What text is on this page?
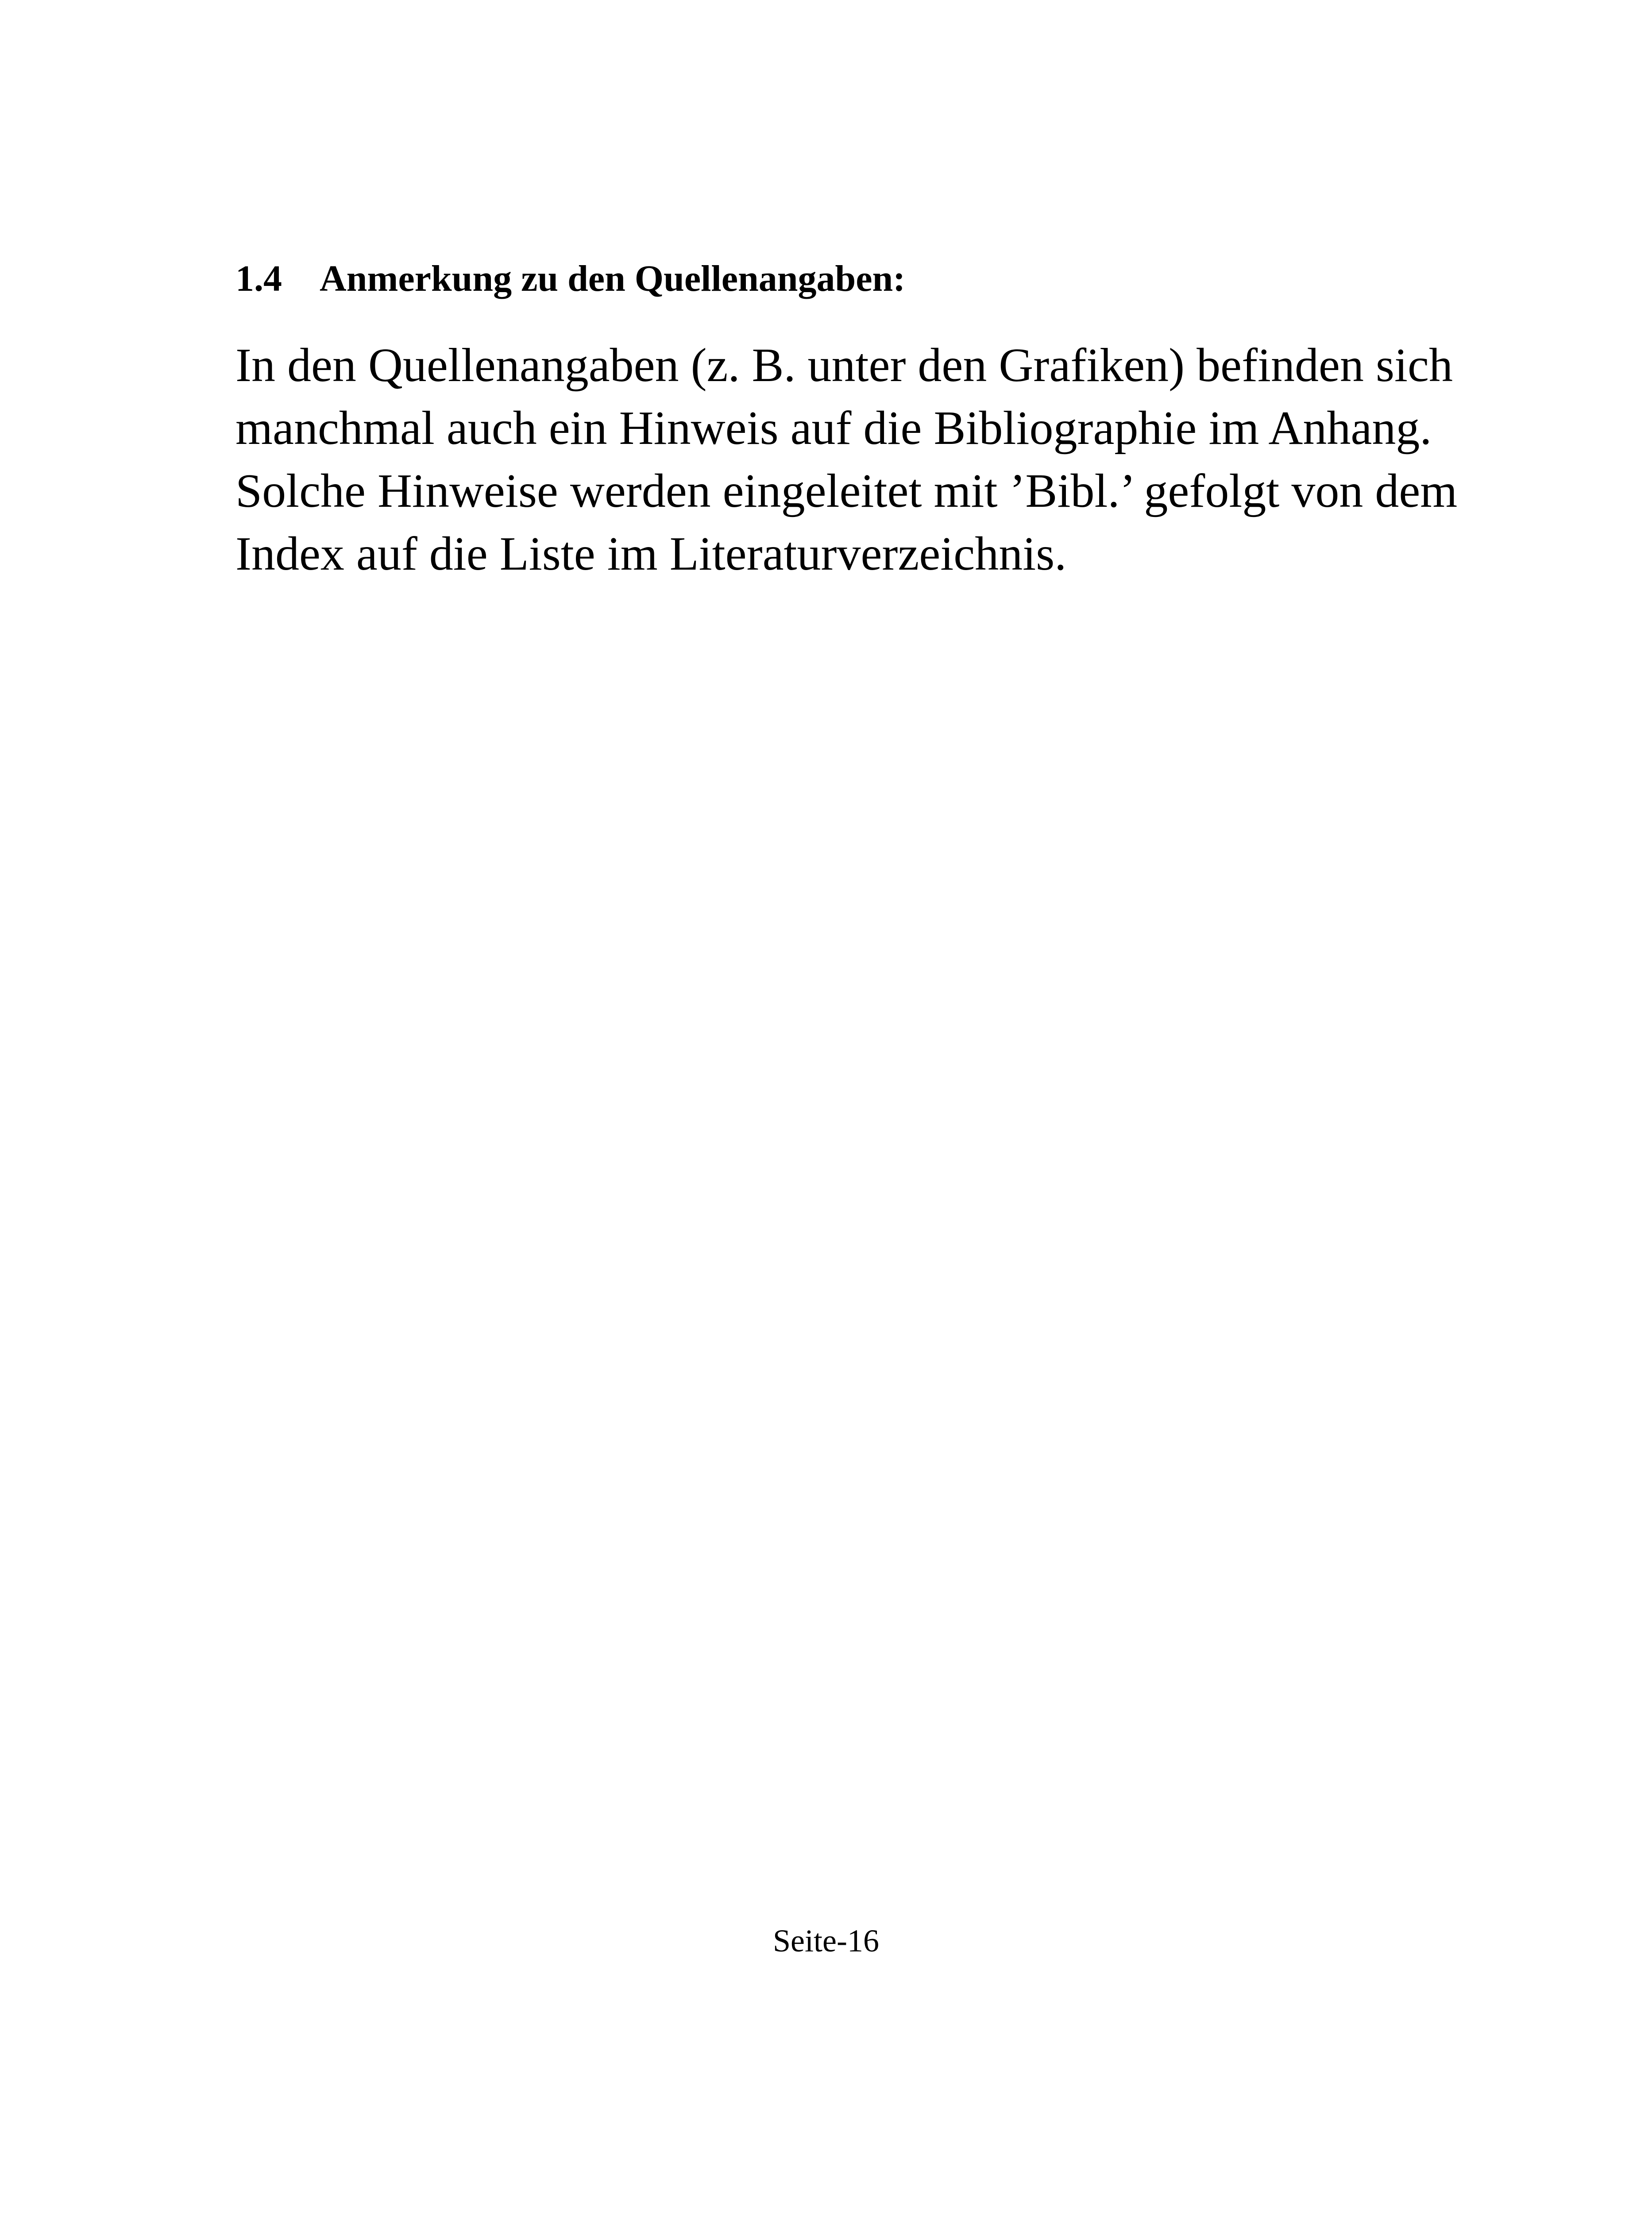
1.4 Anmerkung zu den Quellenangaben:
In den Quellenangaben (z. B. unter den Grafiken) befinden sich
manchmal auch ein Hinweis auf die Bibliographie im Anhang.
Solche Hinweise werden eingeleitet mit ’Bibl.’ gefolgt von dem
Index auf die Liste im Literaturverzeichnis.
Seite-16
